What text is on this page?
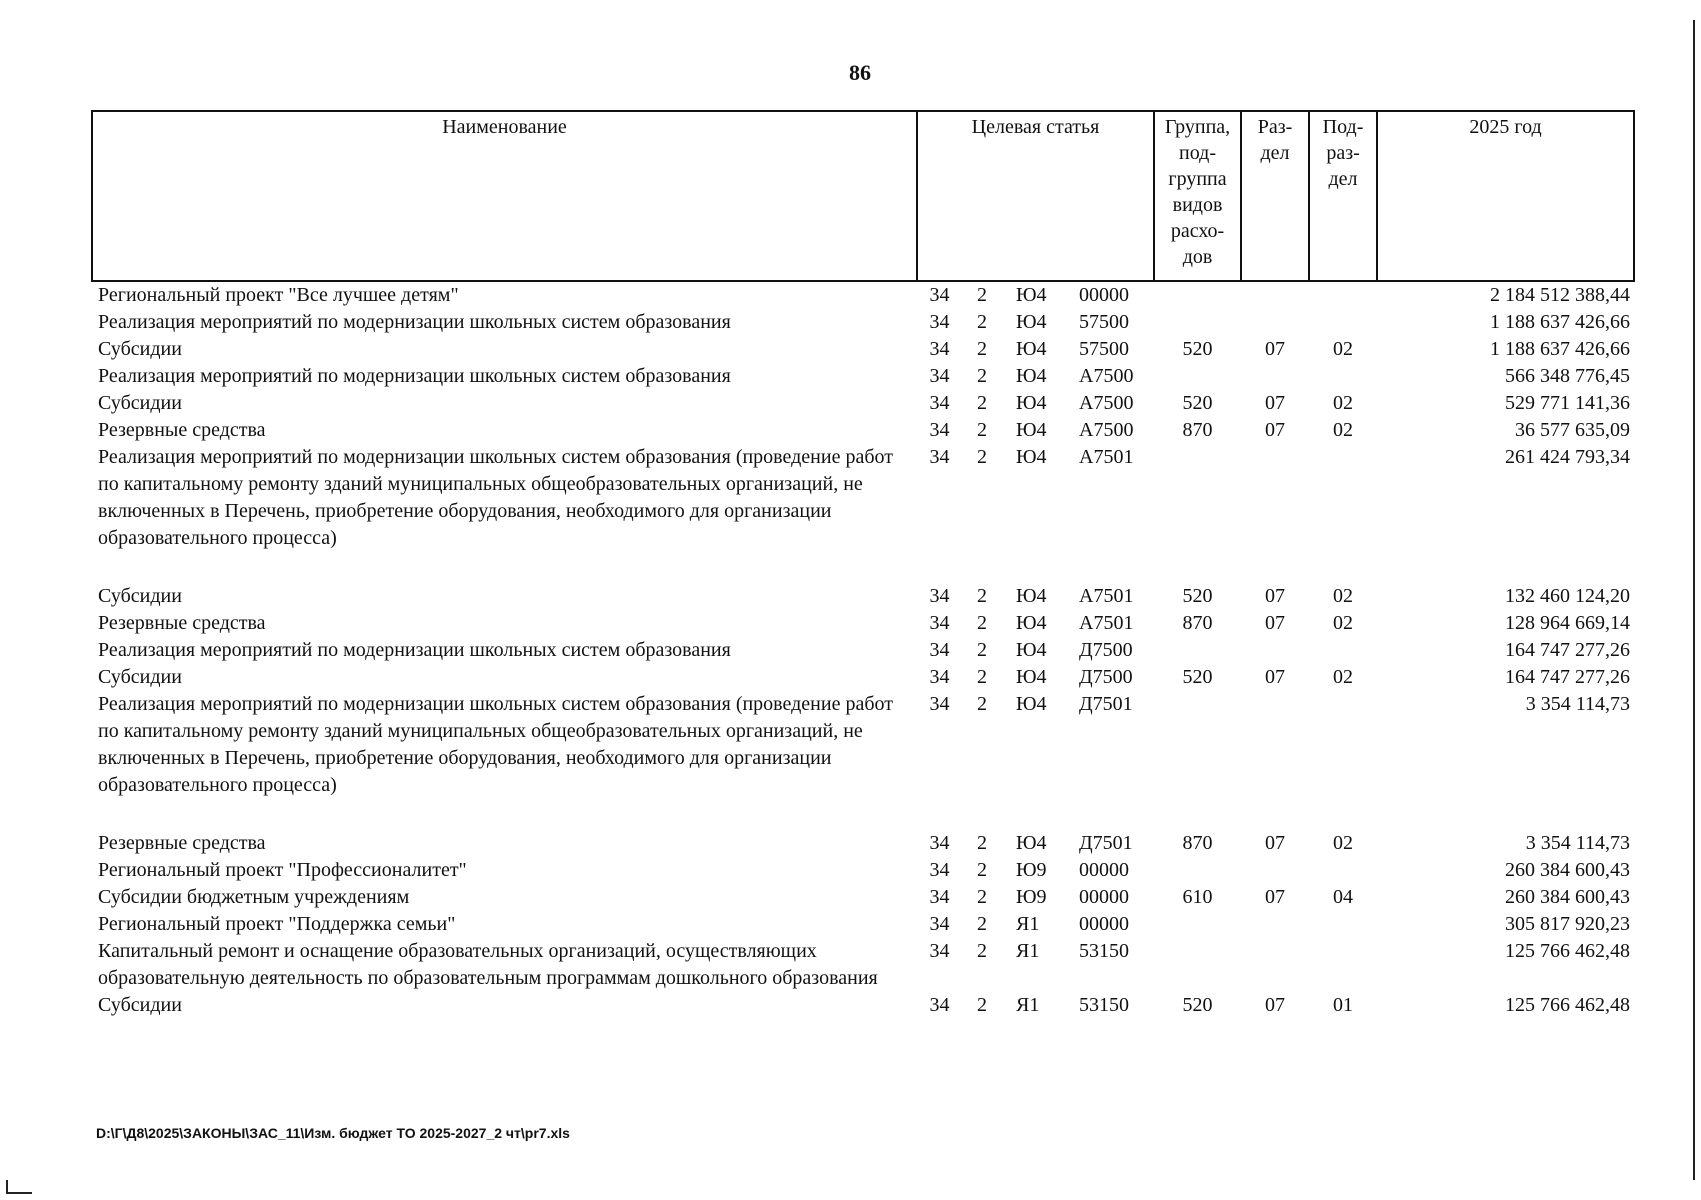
86
Наименование	Целевая статья				Группа, под-группа видов расхо-дов	Раз-дел	Под-раз-дел	2025 год
Региональный проект "Все лучшее детям"	34	2	Ю4	00000				2 184 512 388,44
Реализация мероприятий по модернизации школьных систем образования	34	2	Ю4	57500				1 188 637 426,66
Субсидии	34	2	Ю4	57500	520	07	02	1 188 637 426,66
Реализация мероприятий по модернизации школьных систем образования	34	2	Ю4	А7500				566 348 776,45
Субсидии	34	2	Ю4	А7500	520	07	02	529 771 141,36
Резервные средства	34	2	Ю4	А7500	870	07	02	36 577 635,09
Реализация мероприятий по модернизации школьных систем образования (проведение работ по капитальному ремонту зданий муниципальных общеобразовательных организаций, не включенных в Перечень, приобретение оборудования, необходимого для организации образовательного процесса)	34	2	Ю4	А7501				261 424 793,34
Субсидии	34	2	Ю4	А7501	520	07	02	132 460 124,20
Резервные средства	34	2	Ю4	А7501	870	07	02	128 964 669,14
Реализация мероприятий по модернизации школьных систем образования	34	2	Ю4	Д7500				164 747 277,26
Субсидии	34	2	Ю4	Д7500	520	07	02	164 747 277,26
Реализация мероприятий по модернизации школьных систем образования (проведение работ по капитальному ремонту зданий муниципальных общеобразовательных организаций, не включенных в Перечень, приобретение оборудования, необходимого для организации образовательного процесса)	34	2	Ю4	Д7501				3 354 114,73
Резервные средства	34	2	Ю4	Д7501	870	07	02	3 354 114,73
Региональный проект "Профессионалитет"	34	2	Ю9	00000				260 384 600,43
Субсидии бюджетным учреждениям	34	2	Ю9	00000	610	07	04	260 384 600,43
Региональный проект "Поддержка семьи"	34	2	Я1	00000				305 817 920,23
Капитальный ремонт и оснащение образовательных организаций, осуществляющих образовательную деятельность по образовательным программам дошкольного образования	34	2	Я1	53150				125 766 462,48
Субсидии	34	2	Я1	53150	520	07	01	125 766 462,48
D:\Г\Д8\2025\ЗАКОНЫ\ЗАС_11\Изм. бюджет ТО 2025-2027_2 чт\pr7.xls
